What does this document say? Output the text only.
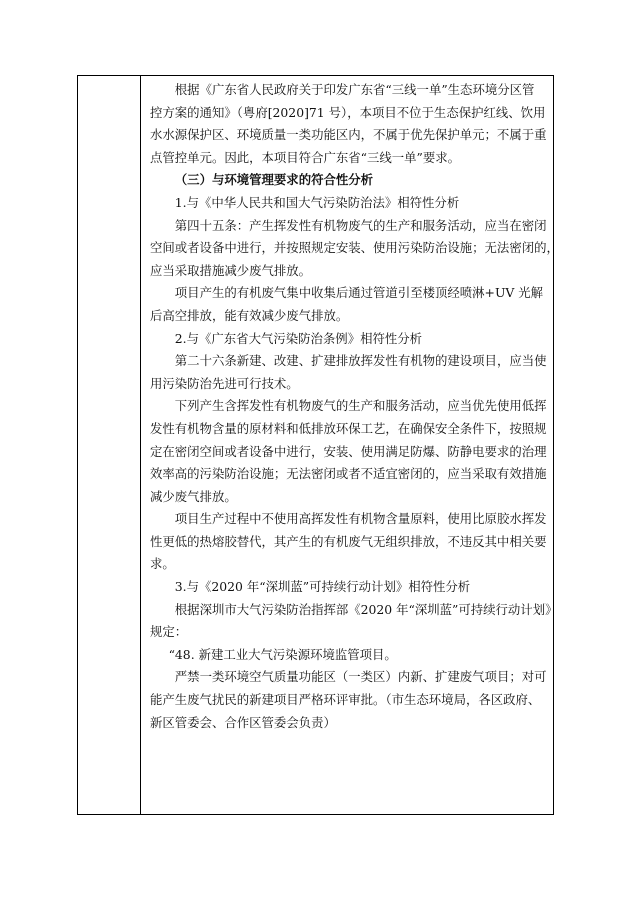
根据《广东省人民政府关于印发广东省“三线一单”生态环境分区管
控方案的通知》（粤府[2020]71 号），本项目不位于生态保护红线、饮用
水水源保护区、环境质量一类功能区内，不属于优先保护单元；不属于重
点管控单元。因此，本项目符合广东省“三线一单”要求。
（三）与环境管理要求的符合性分析
1.与《中华人民共和国大气污染防治法》相符性分析
第四十五条：产生挥发性有机物废气的生产和服务活动，应当在密闭
空间或者设备中进行，并按照规定安装、使用污染防治设施；无法密闭的，
应当采取措施减少废气排放。
项目产生的有机废气集中收集后通过管道引至楼顶经喷淋+UV 光解
后高空排放，能有效减少废气排放。
2.与《广东省大气污染防治条例》相符性分析
第二十六条新建、改建、扩建排放挥发性有机物的建设项目，应当使
用污染防治先进可行技术。
下列产生含挥发性有机物废气的生产和服务活动，应当优先使用低挥
发性有机物含量的原材料和低排放环保工艺，在确保安全条件下，按照规
定在密闭空间或者设备中进行，安装、使用满足防爆、防静电要求的治理
效率高的污染防治设施；无法密闭或者不适宜密闭的，应当采取有效措施
减少废气排放。
项目生产过程中不使用高挥发性有机物含量原料，使用比原胶水挥发
性更低的热熔胶替代，其产生的有机废气无组织排放，不违反其中相关要
求。
3.与《2020 年“深圳蓝”可持续行动计划》相符性分析
根据深圳市大气污染防治指挥部《2020 年“深圳蓝”可持续行动计划》
规定：
“48. 新建工业大气污染源环境监管项目。
严禁一类环境空气质量功能区（一类区）内新、扩建废气项目；对可
能产生废气扰民的新建项目严格环评审批。（市生态环境局，各区政府、
新区管委会、合作区管委会负责）
